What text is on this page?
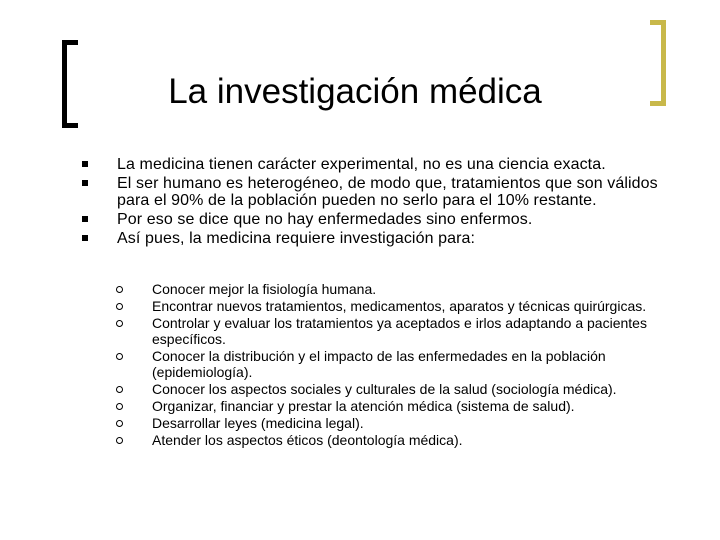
La investigación médica
La medicina tienen carácter experimental, no es una ciencia exacta.
El ser humano es heterogéneo, de modo que, tratamientos que son válidos para el 90% de la población pueden no serlo para el 10% restante.
Por eso se dice que no hay enfermedades sino enfermos.
Así pues, la medicina requiere investigación para:
Conocer mejor la fisiología humana.
Encontrar nuevos tratamientos, medicamentos, aparatos y técnicas quirúrgicas.
Controlar y evaluar los tratamientos ya aceptados e irlos adaptando a pacientes específicos.
Conocer la distribución y el impacto de las enfermedades en la población (epidemiología).
Conocer los aspectos sociales y culturales de la salud (sociología médica).
Organizar, financiar y prestar la atención médica (sistema de salud).
Desarrollar leyes (medicina legal).
Atender los aspectos éticos (deontología médica).
